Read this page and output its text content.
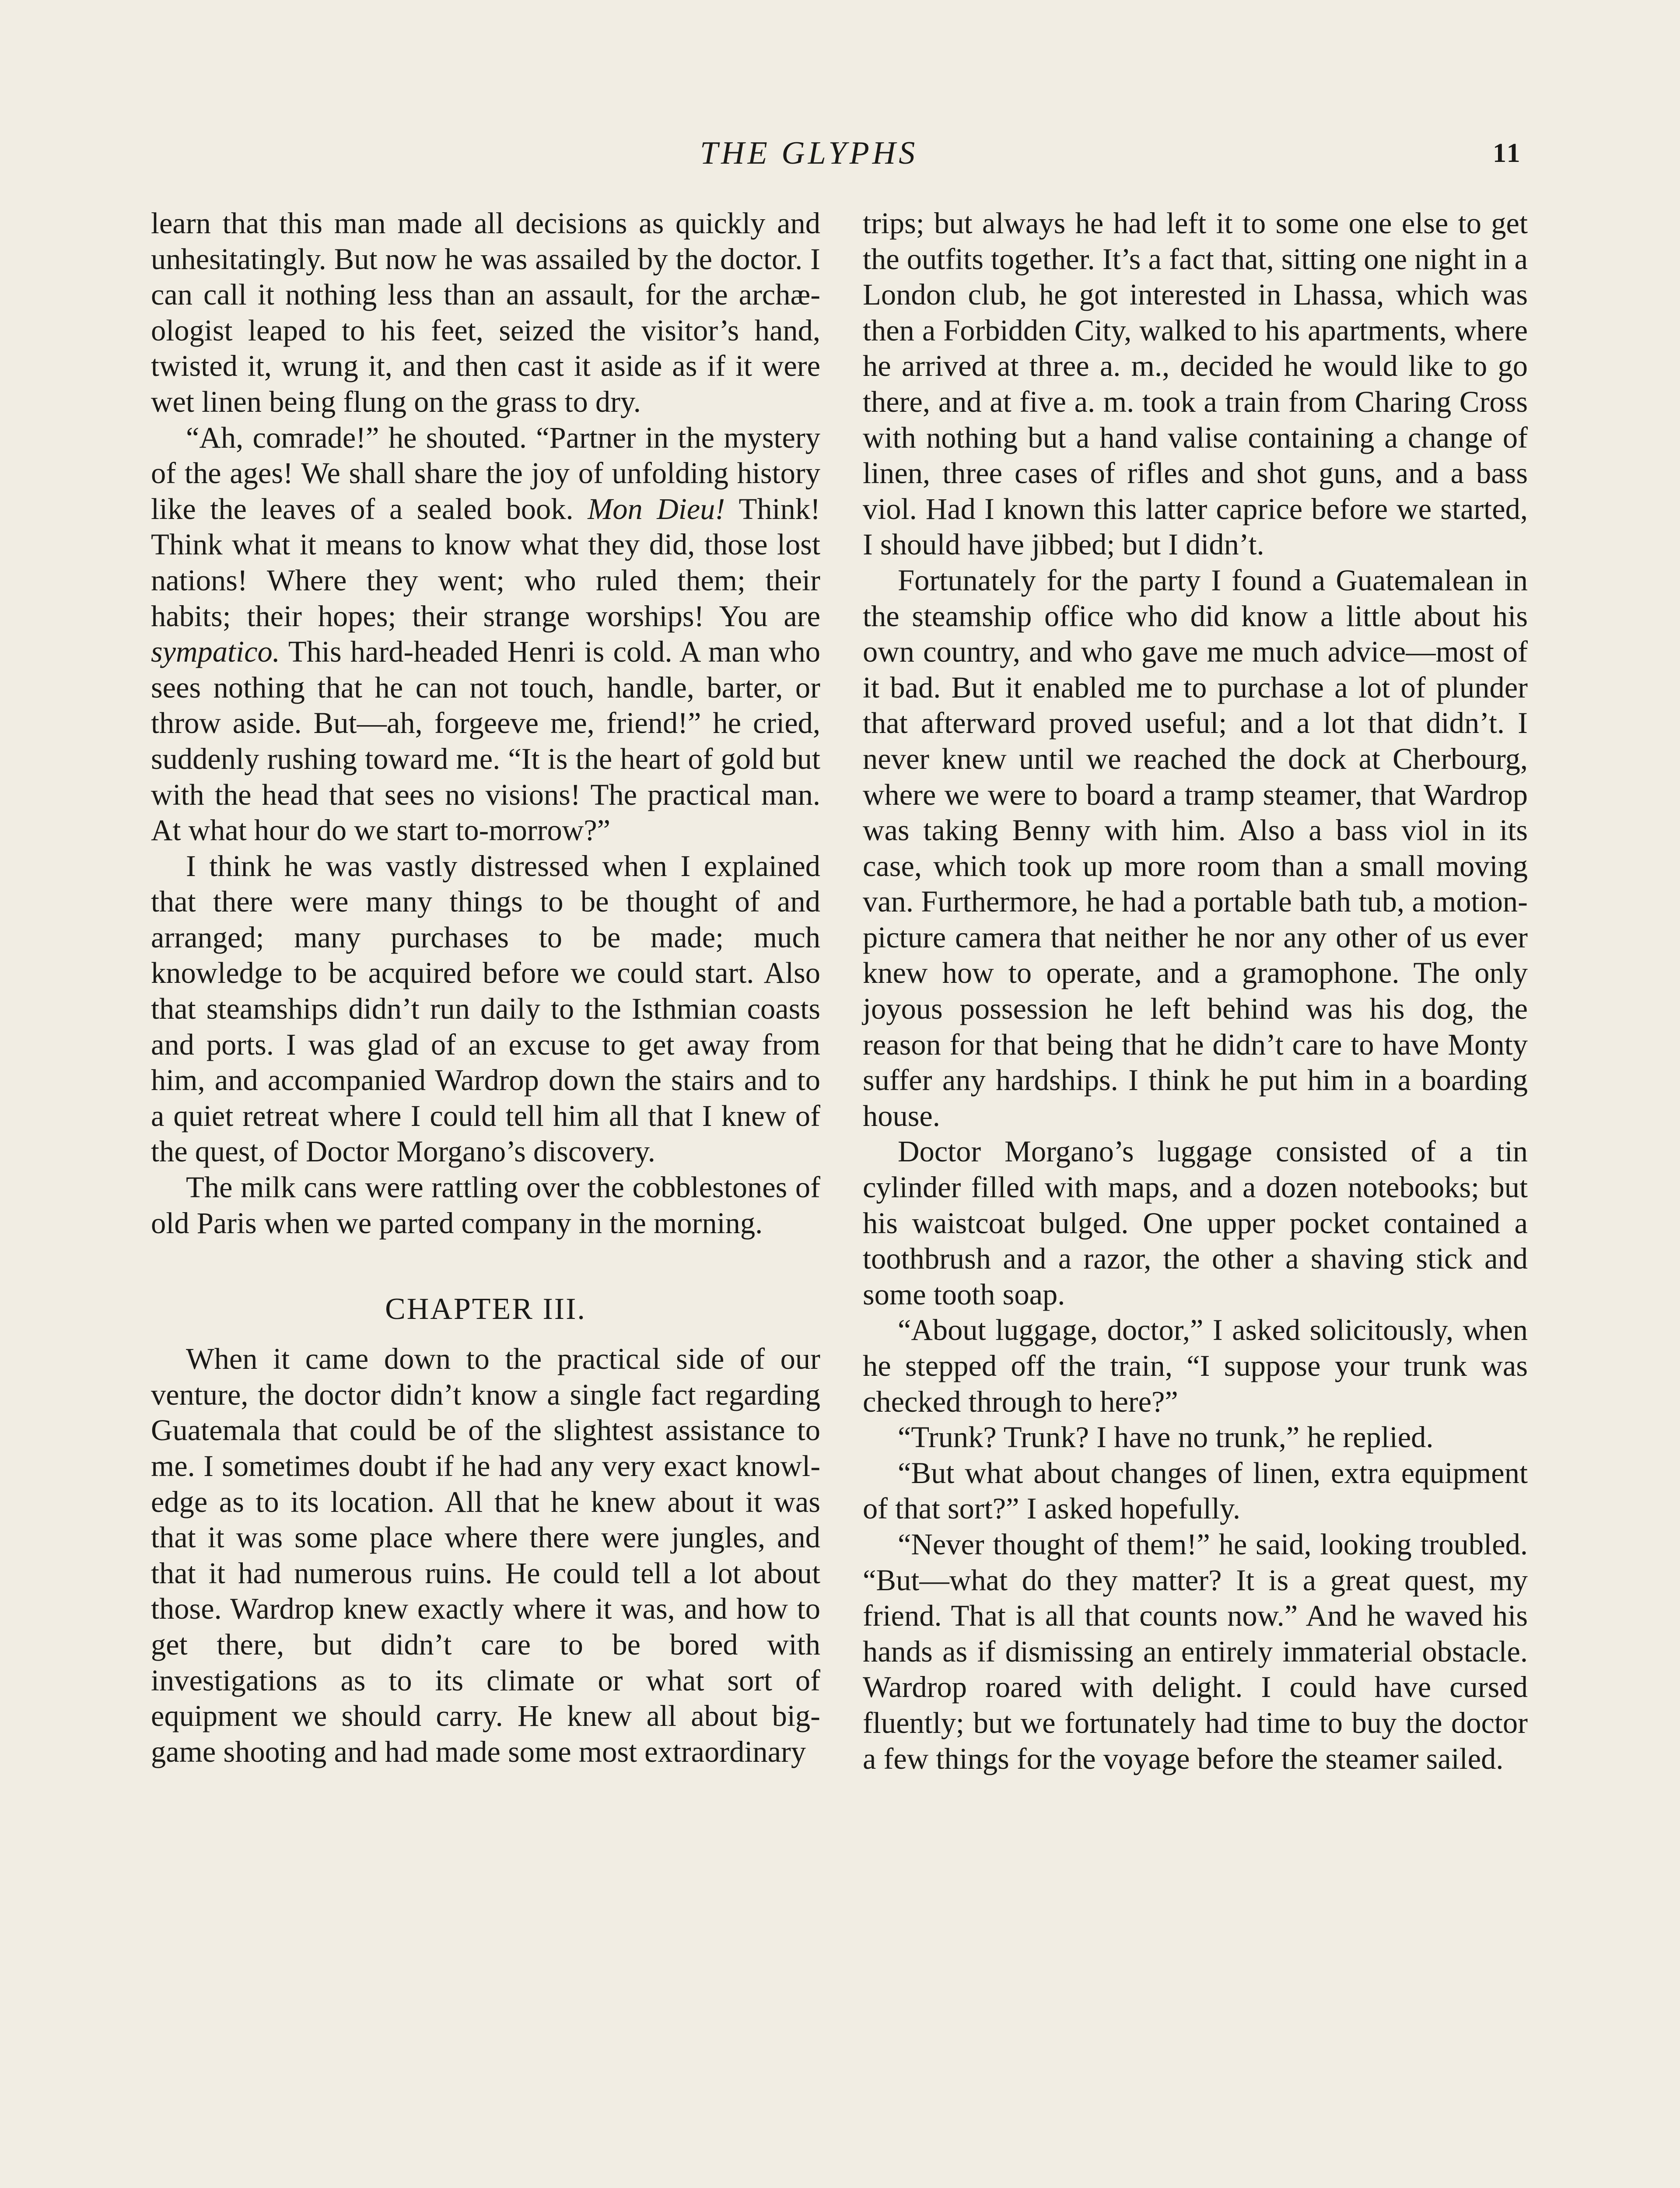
THE GLYPHS	11

learn that this man made all decisions as quickly and unhesitatingly. But now he was assailed by the doctor. I can call it nothing less than an assault, for the archæologist leaped to his feet, seized the visitor’s hand, twisted it, wrung it, and then cast it aside as if it were wet linen being flung on the grass to dry.

“Ah, comrade!” he shouted. “Partner in the mystery of the ages! We shall share the joy of unfolding history like the leaves of a sealed book. Mon Dieu! Think! Think what it means to know what they did, those lost nations! Where they went; who ruled them; their habits; their hopes; their strange worships! You are sympatico. This hard-headed Henri is cold. A man who sees nothing that he can not touch, handle, barter, or throw aside. But—ah, forgeeve me, friend!” he cried, suddenly rushing toward me. “It is the heart of gold but with the head that sees no visions! The practical man. At what hour do we start to-morrow?”

I think he was vastly distressed when I explained that there were many things to be thought of and arranged; many purchases to be made; much knowledge to be acquired before we could start. Also that steamships didn’t run daily to the Isthmian coasts and ports. I was glad of an excuse to get away from him, and accompanied Wardrop down the stairs and to a quiet retreat where I could tell him all that I knew of the quest, of Doctor Morgano’s discovery.

The milk cans were rattling over the cobblestones of old Paris when we parted company in the morning.

CHAPTER III.

When it came down to the practical side of our venture, the doctor didn’t know a single fact regarding Guatemala that could be of the slightest assistance to me. I sometimes doubt if he had any very exact knowledge as to its location. All that he knew about it was that it was some place where there were jungles, and that it had numerous ruins. He could tell a lot about those. Wardrop knew exactly where it was, and how to get there, but didn’t care to be bored with investigations as to its climate or what sort of equipment we should carry. He knew all about big-game shooting and had made some most extraordinary

trips; but always he had left it to some one else to get the outfits together. It’s a fact that, sitting one night in a London club, he got interested in Lhassa, which was then a Forbidden City, walked to his apartments, where he arrived at three a. m., decided he would like to go there, and at five a. m. took a train from Charing Cross with nothing but a hand valise containing a change of linen, three cases of rifles and shot guns, and a bass viol. Had I known this latter caprice before we started, I should have jibbed; but I didn’t.

Fortunately for the party I found a Guatemalean in the steamship office who did know a little about his own country, and who gave me much advice—most of it bad. But it enabled me to purchase a lot of plunder that afterward proved useful; and a lot that didn’t. I never knew until we reached the dock at Cherbourg, where we were to board a tramp steamer, that Wardrop was taking Benny with him. Also a bass viol in its case, which took up more room than a small moving van. Furthermore, he had a portable bath tub, a motion-picture camera that neither he nor any other of us ever knew how to operate, and a gramophone. The only joyous possession he left behind was his dog, the reason for that being that he didn’t care to have Monty suffer any hardships. I think he put him in a boarding house.

Doctor Morgano’s luggage consisted of a tin cylinder filled with maps, and a dozen notebooks; but his waistcoat bulged. One upper pocket contained a toothbrush and a razor, the other a shaving stick and some tooth soap.

“About luggage, doctor,” I asked solicitously, when he stepped off the train, “I suppose your trunk was checked through to here?”

“Trunk? Trunk? I have no trunk,” he replied.

“But what about changes of linen, extra equipment of that sort?” I asked hopefully.

“Never thought of them!” he said, looking troubled. “But—what do they matter? It is a great quest, my friend. That is all that counts now.” And he waved his hands as if dismissing an entirely immaterial obstacle. Wardrop roared with delight. I could have cursed fluently; but we fortunately had time to buy the doctor a few things for the voyage before the steamer sailed.
